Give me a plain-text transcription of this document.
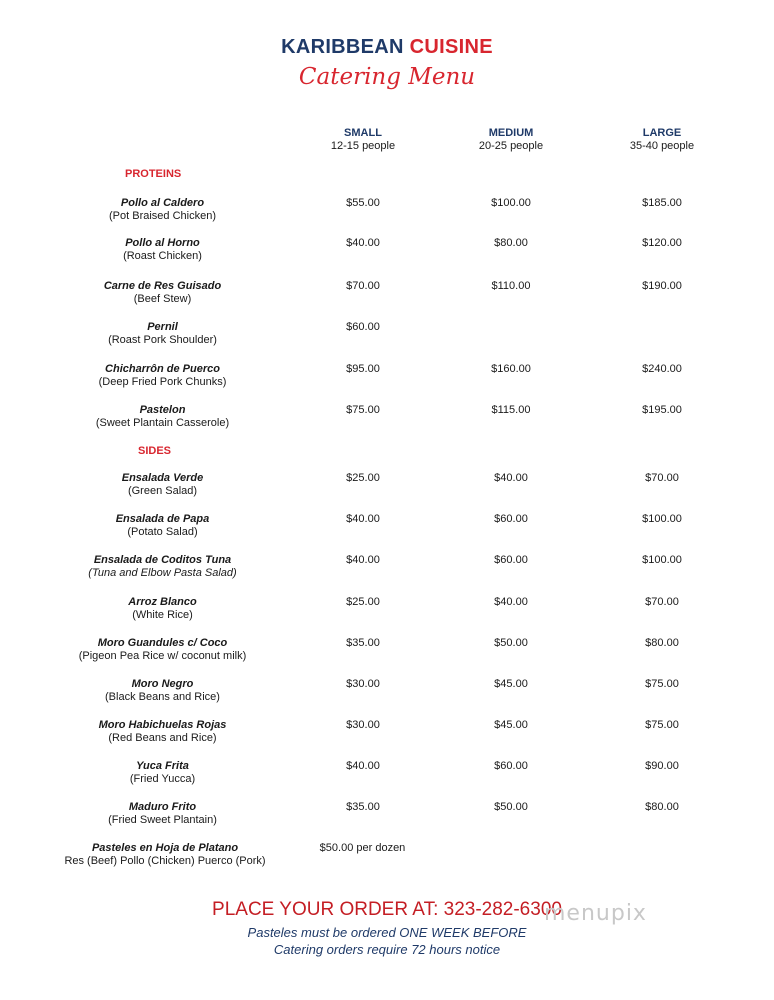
KARIBBEAN CUISINE
Catering Menu
SMALL
12-15 people
MEDIUM
20-25 people
LARGE
35-40 people
PROTEINS
SIDES
Pollo al Caldero
(Pot Braised Chicken)
$55.00	$100.00	$185.00
Pollo al Horno
(Roast Chicken)
$40.00	$80.00	$120.00
Carne de Res Guisado
(Beef Stew)
$70.00	$110.00	$190.00
Pernil
(Roast Pork Shoulder)
$60.00
Chicharrôn de Puerco
(Deep Fried Pork Chunks)
$95.00	$160.00	$240.00
Pastelon
(Sweet Plantain Casserole)
$75.00	$115.00	$195.00
Ensalada Verde
(Green Salad)
$25.00	$40.00	$70.00
Ensalada de Papa
(Potato Salad)
$40.00	$60.00	$100.00
Ensalada de Coditos Tuna
(Tuna and Elbow Pasta Salad)
$40.00	$60.00	$100.00
Arroz Blanco
(White Rice)
$25.00	$40.00	$70.00
Moro Guandules c/ Coco
(Pigeon Pea Rice w/ coconut milk)
$35.00	$50.00	$80.00
Moro Negro
(Black Beans and Rice)
$30.00	$45.00	$75.00
Moro Habichuelas Rojas
(Red Beans and Rice)
$30.00	$45.00	$75.00
Yuca Frita
(Fried Yucca)
$40.00	$60.00	$90.00
Maduro Frito
(Fried Sweet Plantain)
$35.00	$50.00	$80.00
Pasteles en Hoja de Platano
Res (Beef) Pollo (Chicken) Puerco (Pork)
$50.00 per dozen
PLACE YOUR ORDER AT: 323-282-6300
Pasteles must be ordered ONE WEEK BEFORE
Catering orders require 72 hours notice
menupix
